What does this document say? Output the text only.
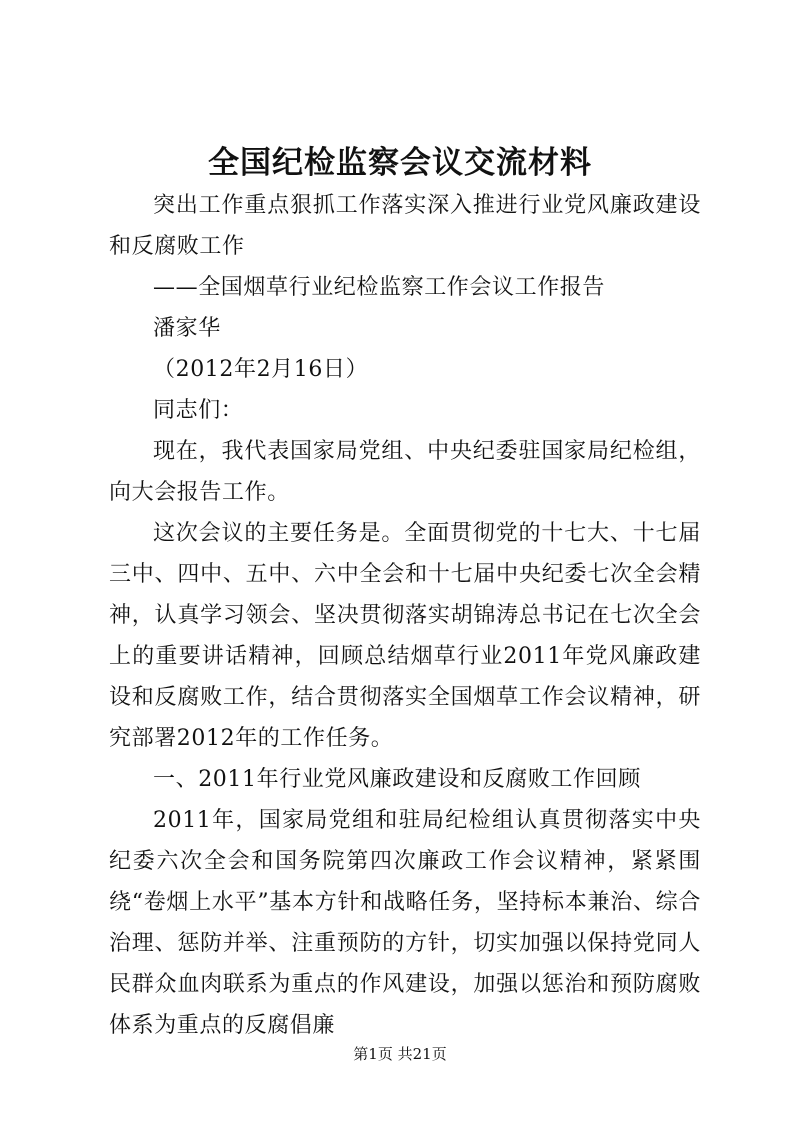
全国纪检监察会议交流材料

突出工作重点狠抓工作落实深入推进行业党风廉政建设和反腐败工作

——全国烟草行业纪检监察工作会议工作报告

潘家华

（2012年2月16日）

同志们：

现在，我代表国家局党组、中央纪委驻国家局纪检组，向大会报告工作。

这次会议的主要任务是。全面贯彻党的十七大、十七届三中、四中、五中、六中全会和十七届中央纪委七次全会精神，认真学习领会、坚决贯彻落实胡锦涛总书记在七次全会上的重要讲话精神，回顾总结烟草行业2011年党风廉政建设和反腐败工作，结合贯彻落实全国烟草工作会议精神，研究部署2012年的工作任务。

一、2011年行业党风廉政建设和反腐败工作回顾

2011年，国家局党组和驻局纪检组认真贯彻落实中央纪委六次全会和国务院第四次廉政工作会议精神，紧紧围绕“卷烟上水平”基本方针和战略任务，坚持标本兼治、综合治理、惩防并举、注重预防的方针，切实加强以保持党同人民群众血肉联系为重点的作风建设，加强以惩治和预防腐败体系为重点的反腐倡廉

第1页 共21页
